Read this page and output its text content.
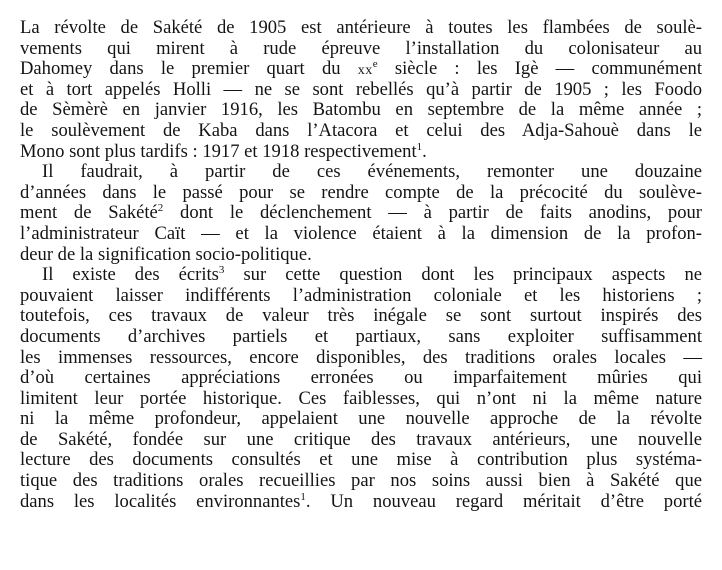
La révolte de Sakété de 1905 est antérieure à toutes les flambées de soulè-
vements qui mirent à rude épreuve l’installation du colonisateur au
Dahomey dans le premier quart du $xx^e$ siècle : les Igè — communément
et à tort appelés Holli — ne se sont rebellés qu’à partir de 1905 ; les Foodo
de Sèmèrè en janvier 1916, les Batombu en septembre de la même année ;
le soulèvement de Kaba dans l’Atacora et celui des Adja-Sahouè dans le
Mono sont plus tardifs : 1917 et 1918 respectivement$^1$.
Il faudrait, à partir de ces événements, remonter une douzaine
d’années dans le passé pour se rendre compte de la précocité du soulève-
ment de Sakété$^2$ dont le déclenchement — à partir de faits anodins, pour
l’administrateur Caït — et la violence étaient à la dimension de la profon-
deur de la signification socio-politique.
Il existe des écrits$^3$ sur cette question dont les principaux aspects ne
pouvaient laisser indifférents l’administration coloniale et les historiens ;
toutefois, ces travaux de valeur très inégale se sont surtout inspirés des
documents d’archives partiels et partiaux, sans exploiter suffisamment
les immenses ressources, encore disponibles, des traditions orales locales —
d’où certaines appréciations erronées ou imparfaitement mûries qui
limitent leur portée historique. Ces faiblesses, qui n’ont ni la même nature
ni la même profondeur, appelaient une nouvelle approche de la révolte
de Sakété, fondée sur une critique des travaux antérieurs, une nouvelle
lecture des documents consultés et une mise à contribution plus systéma-
tique des traditions orales recueillies par nos soins aussi bien à Sakété que
dans les localités environnantes$^1$. Un nouveau regard méritait d’être porté
